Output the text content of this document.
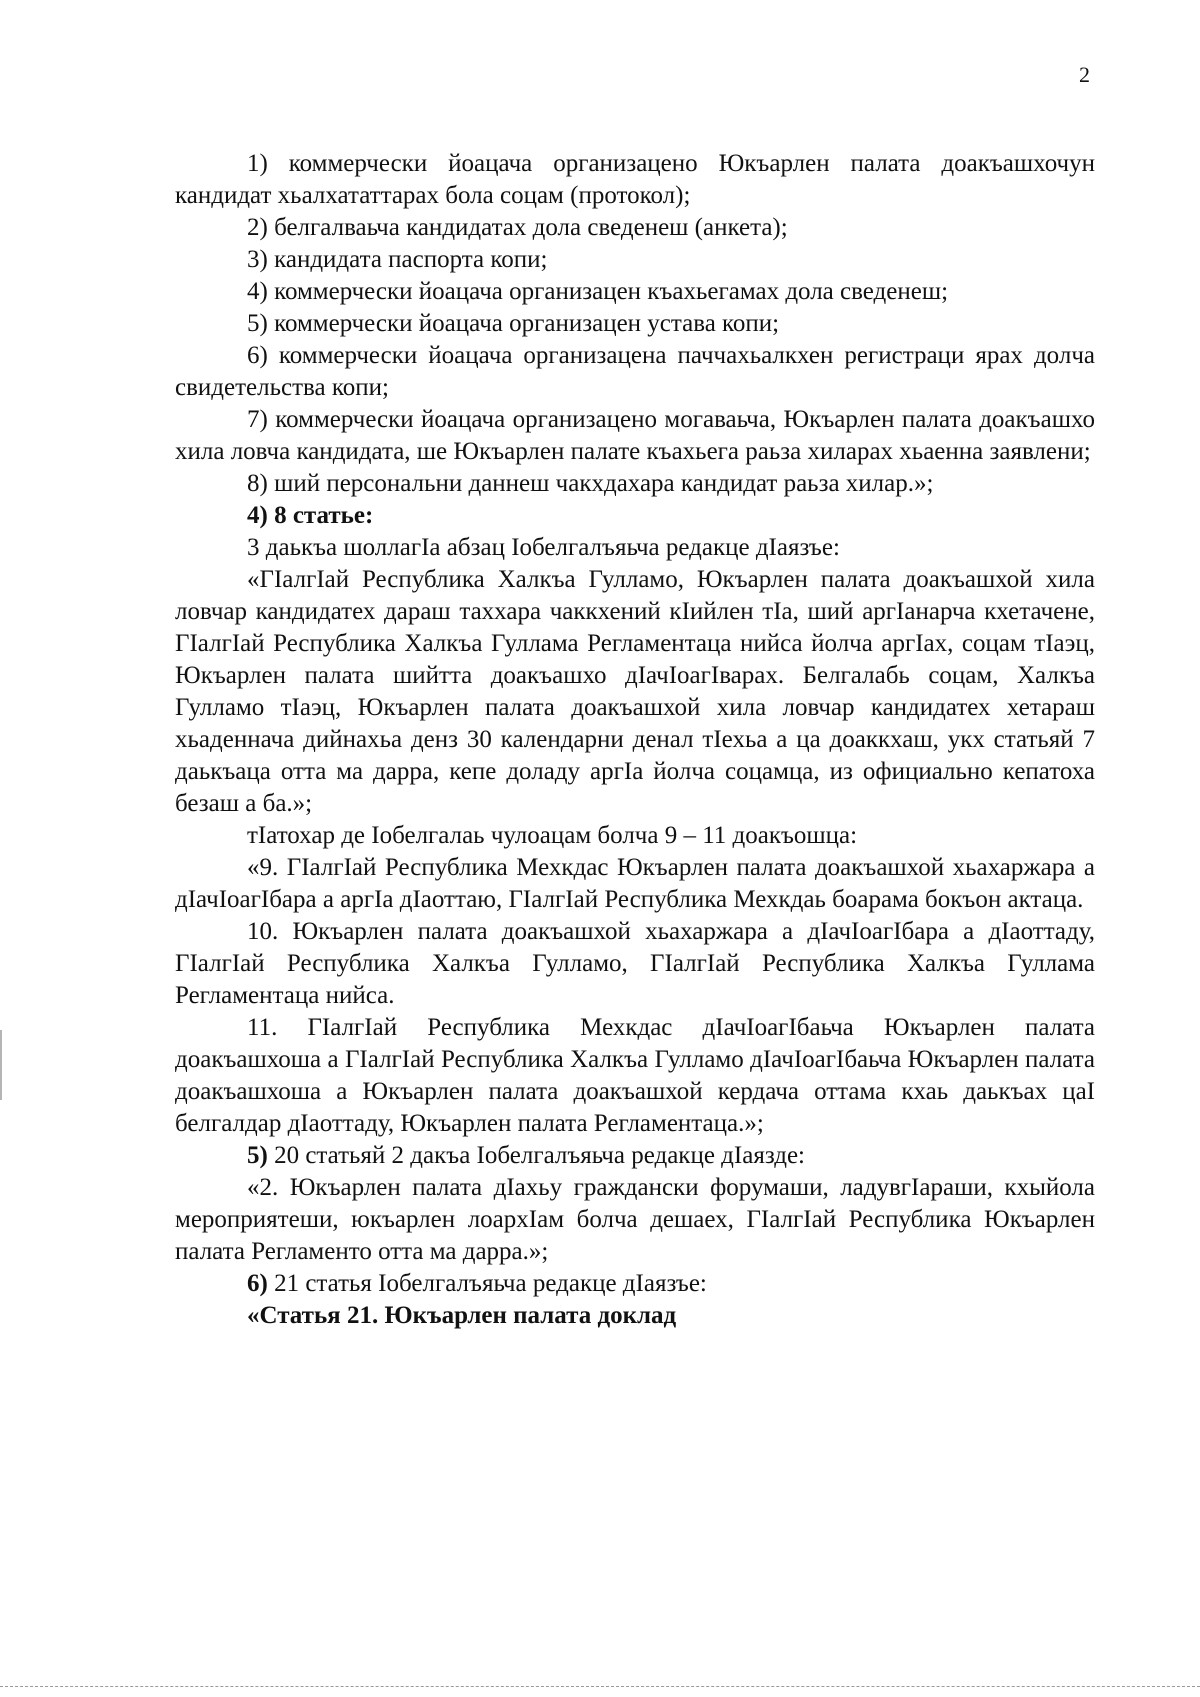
2

1) коммерчески йоацача организацено Юкъарлен палата доакъашхочун кандидат хьалхататтарах бола соцам (протокол);

2) белгалваьча кандидатах дола сведенеш (анкета);

3) кандидата паспорта копи;

4) коммерчески йоацача организацен къахьегамах дола сведенеш;

5) коммерчески йоацача организацен устава копи;

6) коммерчески йоацача организацена паччахьалкхен регистраци ярах долча свидетельства копи;

7) коммерчески йоацача организацено могаваьча, Юкъарлен палата доакъашхо хила ловча кандидата, ше Юкъарлен палате къахьега раьза хиларах хьаенна заявлени;

8) ший персональни даннеш чакхдахара кандидат раьза хилар.»;

4) 8 статье:

3 даькъа шоллагIа абзац Iобелгалъяьча редакце дIаязъе:

«ГIалгIай Республика Халкъа Гулламо, Юкъарлен палата доакъашхой хила ловчар кандидатех дараш таххара чаккхений кIийлен тIа, ший аргIанарча кхетачене, ГIалгIай Республика Халкъа Гуллама Регламентаца нийса йолча аргIах, соцам тIаэц, Юкъарлен палата шийтта доакъашхо дIачIоагIварах. Белгалабь соцам, Халкъа Гулламо тIаэц, Юкъарлен палата доакъашхой хила ловчар кандидатех хетараш хьаденнача дийнахьа денз 30 календарни денал тIехьа а ца доаккхаш, укх статьяй 7 даькъаца отта ма дарра, кепе доладу аргIа йолча соцамца, из официально кепатоха безаш а ба.»;

тIатохар де Iобелгалаь чулоацам болча 9 – 11 доакъошца:

«9. ГIалгIай Республика Мехкдас Юкъарлен палата доакъашхой хьахаржара а дIачIоагIбара а аргIа дIаоттаю, ГIалгIай Республика Мехкдаь боарама бокъон актаца.

10. Юкъарлен палата доакъашхой хьахаржара а дIачIоагIбара а дIаоттаду, ГIалгIай Республика Халкъа Гулламо, ГIалгIай Республика Халкъа Гуллама Регламентаца нийса.

11. ГIалгIай Республика Мехкдас дIачIоагIбаьча Юкъарлен палата доакъашхоша а ГIалгIай Республика Халкъа Гулламо дIачIоагIбаьча Юкъарлен палата доакъашхоша а Юкъарлен палата доакъашхой кердача оттама кхаь даькъах цаI белгалдар дIаоттаду, Юкъарлен палата Регламентаца.»;

5) 20 статьяй 2 дакъа Iобелгалъяьча редакце дIаязде:

«2. Юкъарлен палата дIахьу граждански форумаши, ладувгIараши, кхыйола мероприятеши, юкъарлен лоархIам болча дешаех, ГIалгIай Республика Юкъарлен палата Регламенто отта ма дарра.»;

6) 21 статья Iобелгалъяьча редакце дIаязъе:

«Статья 21. Юкъарлен палата доклад
